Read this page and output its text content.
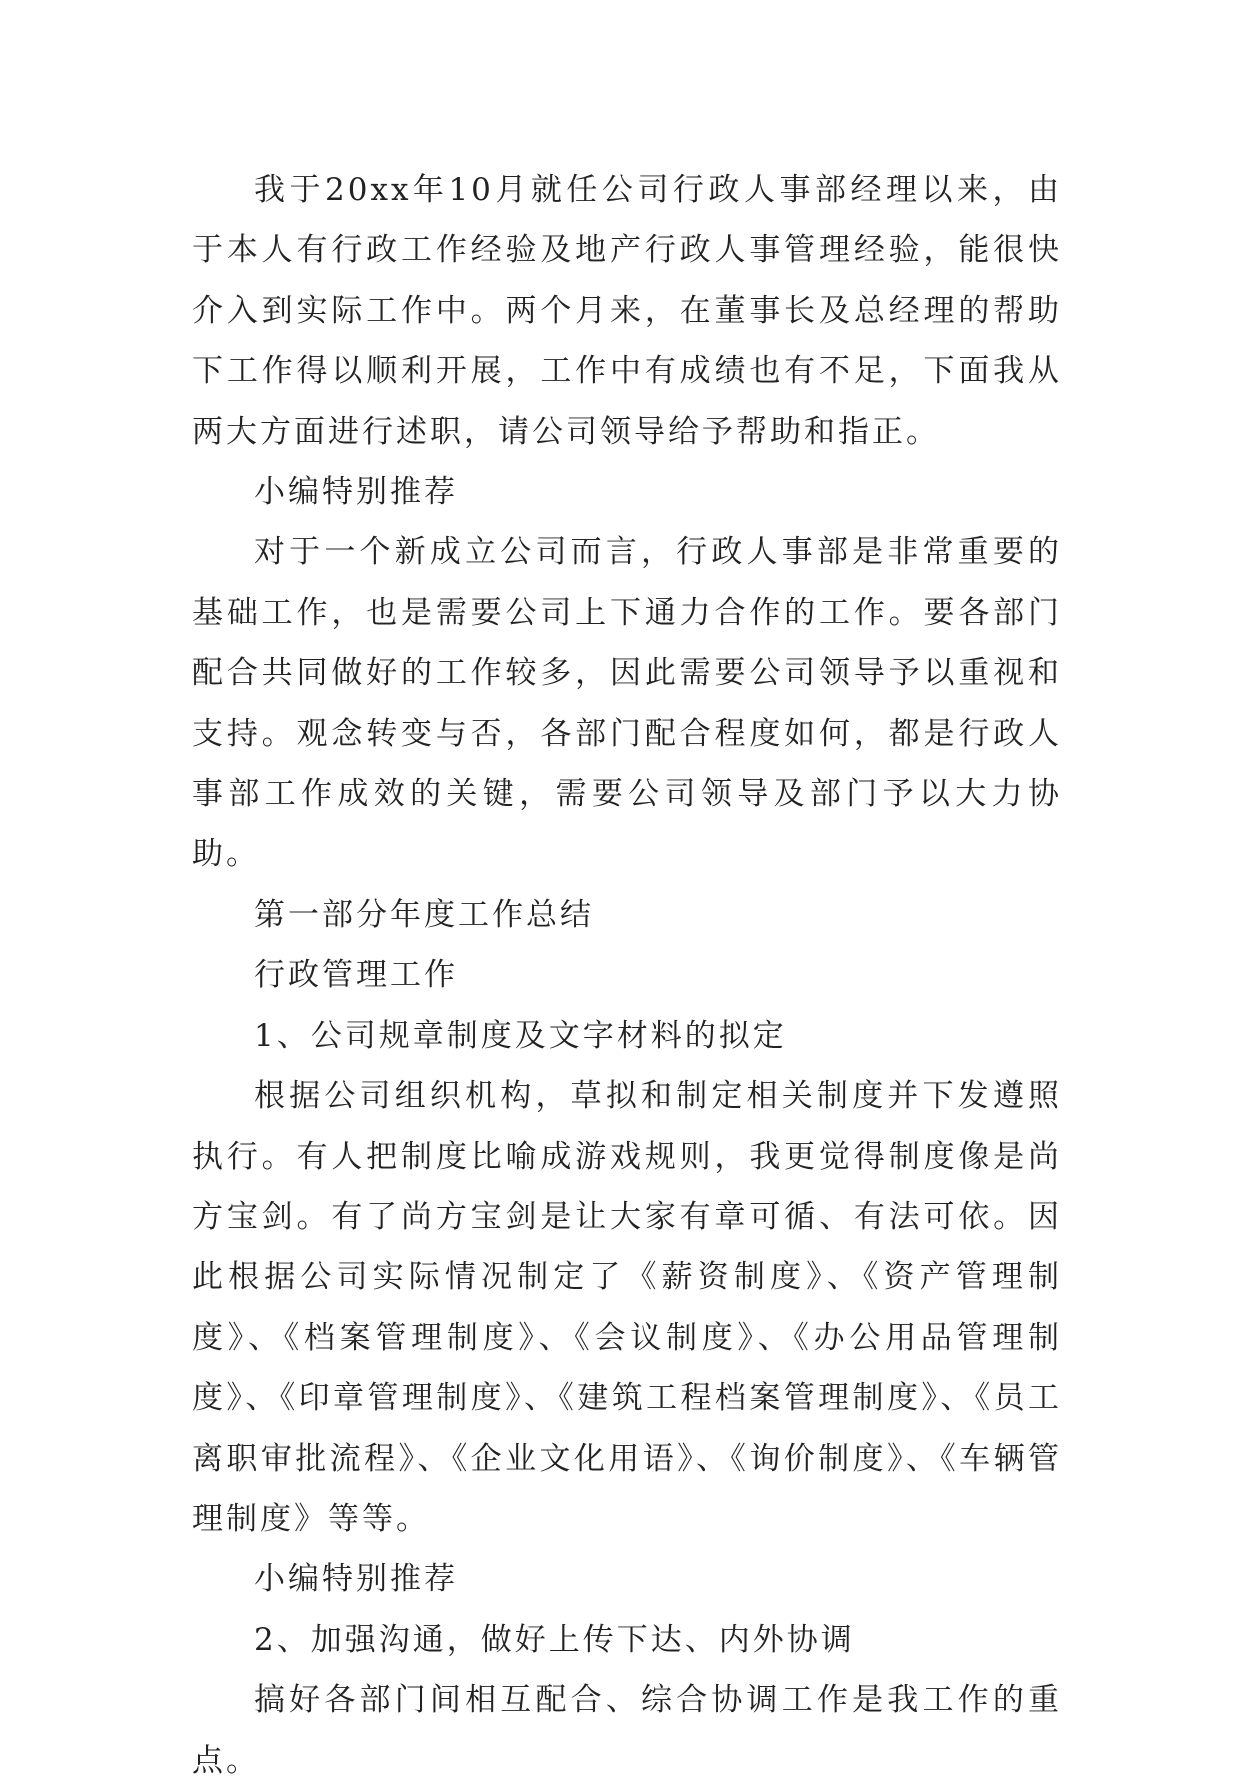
我于20xx年10月就任公司行政人事部经理以来，由于本人有行政工作经验及地产行政人事管理经验，能很快介入到实际工作中。两个月来，在董事长及总经理的帮助下工作得以顺利开展，工作中有成绩也有不足，下面我从两大方面进行述职，请公司领导给予帮助和指正。

小编特别推荐

对于一个新成立公司而言，行政人事部是非常重要的基础工作，也是需要公司上下通力合作的工作。要各部门配合共同做好的工作较多，因此需要公司领导予以重视和支持。观念转变与否，各部门配合程度如何，都是行政人事部工作成效的关键，需要公司领导及部门予以大力协助。

第一部分年度工作总结

行政管理工作

1、公司规章制度及文字材料的拟定

根据公司组织机构，草拟和制定相关制度并下发遵照执行。有人把制度比喻成游戏规则，我更觉得制度像是尚方宝剑。有了尚方宝剑是让大家有章可循、有法可依。因此根据公司实际情况制定了《薪资制度》、《资产管理制度》、《档案管理制度》、《会议制度》、《办公用品管理制度》、《印章管理制度》、《建筑工程档案管理制度》、《员工离职审批流程》、《企业文化用语》、《询价制度》、《车辆管理制度》等等。

小编特别推荐

2、加强沟通，做好上传下达、内外协调

搞好各部门间相互配合、综合协调工作是我工作的重点。
